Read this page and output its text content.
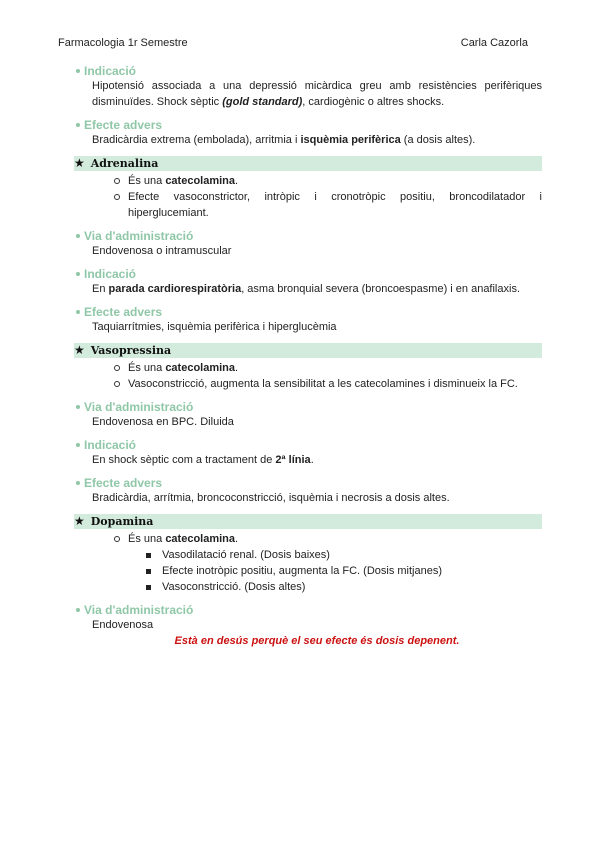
Farmacologia 1r Semestre	Carla Cazorla
Indicació
Hipotensió associada a una depressió micàrdica greu amb resistències perifèriques disminuïdes. Shock sèptic (gold standard), cardiogènic o altres shocks.
Efecte advers
Bradicàrdia extrema (embolada), arritmia i isquèmia perifèrica (a dosis altes).
★ Adrenalina
És una catecolamina.
Efecte vasoconstrictor, intròpic i cronotròpic positiu, broncodilatador i hiperglucemiant.
Via d'administració
Endovenosa o intramuscular
Indicació
En parada cardiorespiratòria, asma bronquial severa (broncoespasme) i en anafilaxis.
Efecte advers
Taquiarrítmies, isquèmia perifèrica i hiperglucèmia
★ Vasopressina
És una catecolamina.
Vasoconstricció, augmenta la sensibilitat a les catecolamines i disminueix la FC.
Via d'administració
Endovenosa en BPC. Diluida
Indicació
En shock sèptic com a tractament de 2ª línia.
Efecte advers
Bradicàrdia, arrítmia, broncoconstricció, isquèmia i necrosis a dosis altes.
★ Dopamina
És una catecolamina.
Vasodilatació renal. (Dosis baixes)
Efecte inotròpic positiu, augmenta la FC. (Dosis mitjanes)
Vasoconstricció. (Dosis altes)
Via d'administració
Endovenosa
Està en desús perquè el seu efecte és dosis depenent.
